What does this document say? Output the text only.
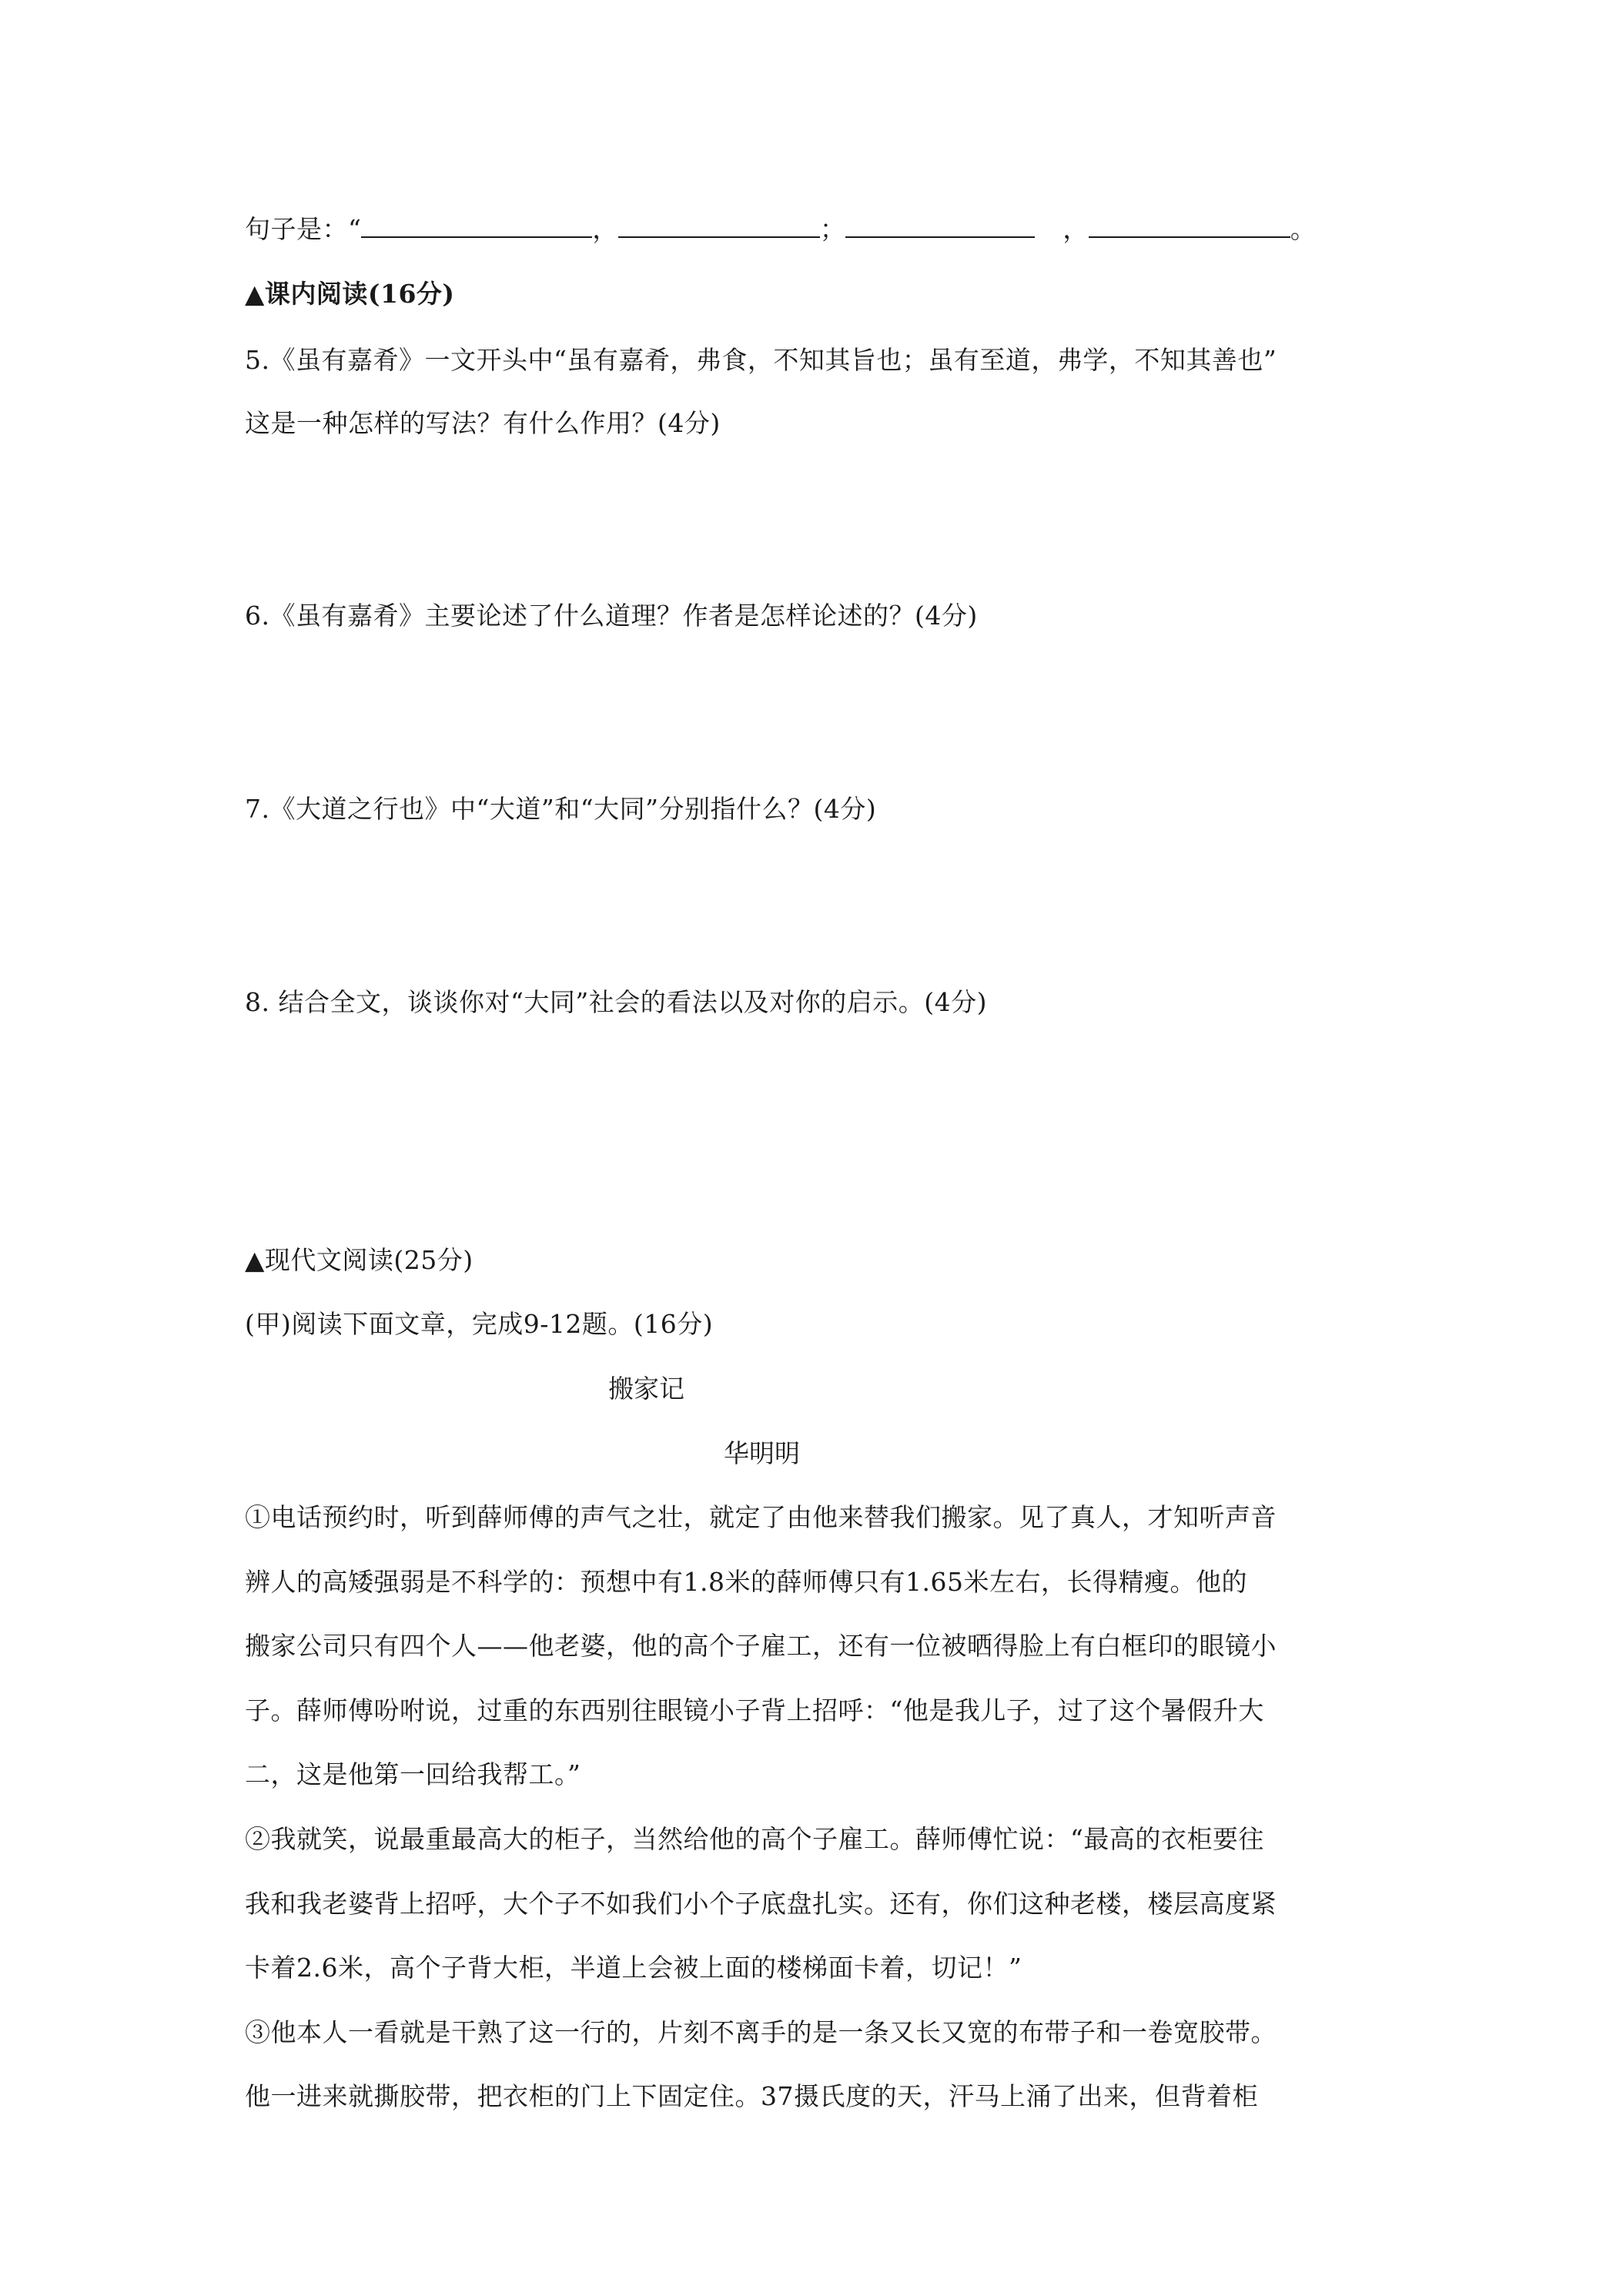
句子是：“	，	；	，	。
▲课内阅读(16分)
5.《虽有嘉肴》一文开头中“虽有嘉肴，弗食，不知其旨也；虽有至道，弗学，不知其善也”
这是一种怎样的写法？有什么作用？(4分)
6.《虽有嘉肴》主要论述了什么道理？作者是怎样论述的？(4分)
7.《大道之行也》中“大道”和“大同”分别指什么？(4分)
8. 结合全文，谈谈你对“大同”社会的看法以及对你的启示。(4分)
▲现代文阅读(25分)
(甲)阅读下面文章，完成9-12题。(16分)
搬家记
华明明
①电话预约时，听到薛师傅的声气之壮，就定了由他来替我们搬家。见了真人，才知听声音
辨人的高矮强弱是不科学的：预想中有1.8米的薛师傅只有1.65米左右，长得精瘦。他的
搬家公司只有四个人——他老婆，他的高个子雇工，还有一位被晒得脸上有白框印的眼镜小
子。薛师傅吩咐说，过重的东西别往眼镜小子背上招呼：“他是我儿子，过了这个暑假升大
二，这是他第一回给我帮工。”
②我就笑，说最重最高大的柜子，当然给他的高个子雇工。薛师傅忙说：“最高的衣柜要往
我和我老婆背上招呼，大个子不如我们小个子底盘扎实。还有，你们这种老楼，楼层高度紧
卡着2.6米，高个子背大柜，半道上会被上面的楼梯面卡着，切记！”
③他本人一看就是干熟了这一行的，片刻不离手的是一条又长又宽的布带子和一卷宽胶带。
他一进来就撕胶带，把衣柜的门上下固定住。37摄氏度的天，汗马上涌了出来，但背着柜
